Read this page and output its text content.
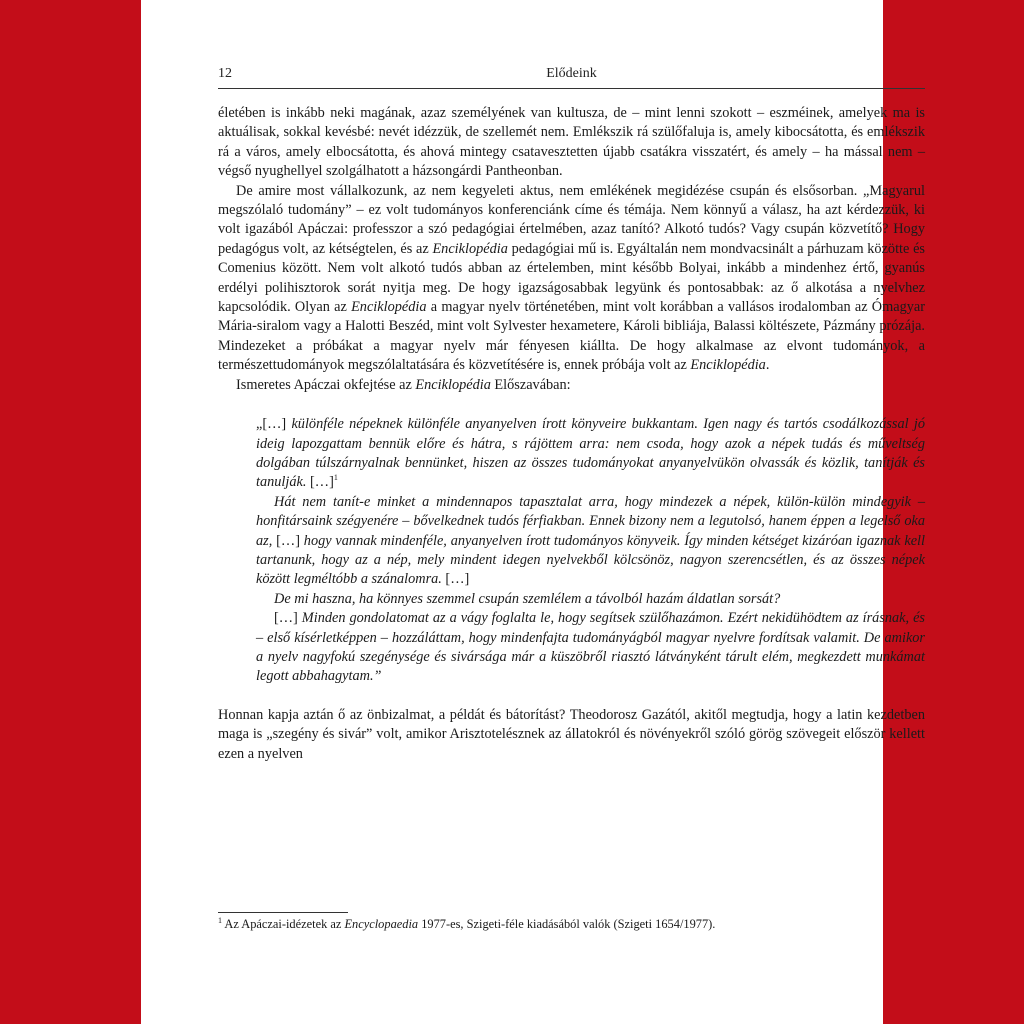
12	Elődeink

életében is inkább neki magának, azaz személyének van kultusza, de – mint lenni szokott – eszméinek, amelyek ma is aktuálisak, sokkal kevésbé: nevét idézzük, de szellemét nem. Emlékszik rá szülőfaluja is, amely kibocsátotta, és emlékszik rá a város, amely elbocsátotta, és ahová mintegy csatavesztetten újabb csatákra visszatért, és amely – ha mással nem – végső nyughellyel szolgálhatott a házsongárdi Pantheonban.

De amire most vállalkozunk, az nem kegyeleti aktus, nem emlékének megidézése csupán és elsősorban. „Magyarul megszólaló tudomány” – ez volt tudományos konferenciánk címe és témája. Nem könnyű a válasz, ha azt kérdezzük, ki volt igazából Apáczai: professzor a szó pedagógiai értelmében, azaz tanító? Alkotó tudós? Vagy csupán közvetítő? Hogy pedagógus volt, az kétségtelen, és az Enciklopédia pedagógiai mű is. Egyáltalán nem mondvacsinált a párhuzam közötte és Comenius között. Nem volt alkotó tudós abban az értelemben, mint később Bolyai, inkább a mindenhez értő, gyanús erdélyi polihisztorok sorát nyitja meg. De hogy igazságosabbak legyünk és pontosabbak: az ő alkotása a nyelvhez kapcsolódik. Olyan az Enciklopédia a magyar nyelv történetében, mint volt korábban a vallásos irodalomban az Ómagyar Mária-siralom vagy a Halotti Beszéd, mint volt Sylvester hexametere, Károli bibliája, Balassi költészete, Pázmány prózája. Mindezeket a próbákat a magyar nyelv már fényesen kiállta. De hogy alkalmase az elvont tudományok, a természettudományok megszólaltatására és közvetítésére is, ennek próbája volt az Enciklopédia.

Ismeretes Apáczai okfejtése az Enciklopédia Előszavában:

„[…] különféle népeknek különféle anyanyelven írott könyveire bukkantam. Igen nagy és tartós csodálkozással jó ideig lapozgattam bennük előre és hátra, s rájöttem arra: nem csoda, hogy azok a népek tudás és műveltség dolgában túlszárnyalnak bennünket, hiszen az összes tudományokat anyanyelvükön olvassák és közlik, tanítják és tanulják. […]$^1$

Hát nem tanít-e minket a mindennapos tapasztalat arra, hogy mindezek a népek, külön-külön mindegyik – honfitársaink szégyenére – bővelkednek tudós férfiakban. Ennek bizony nem a legutolsó, hanem éppen a legelső oka az, […] hogy vannak mindenféle, anyanyelven írott tudományos könyveik. Így minden kétséget kizáróan igaznak kell tartanunk, hogy az a nép, mely mindent idegen nyelvekből kölcsönöz, nagyon szerencsétlen, és az összes népek között legméltóbb a szánalomra. […]

De mi haszna, ha könnyes szemmel csupán szemlélem a távolból hazám áldatlan sorsát?

[…] Minden gondolatomat az a vágy foglalta le, hogy segítsek szülőhazámon. Ezért nekidühödtem az írásnak, és – első kísérletképpen – hozzáláttam, hogy mindenfajta tudományágból magyar nyelvre fordítsak valamit. De amikor a nyelv nagyfokú szegénysége és sivársága már a küszöbről riasztó látványként tárult elém, megkezdett munkámat legott abbahagytam.”

Honnan kapja aztán ő az önbizalmat, a példát és bátorítást? Theodorosz Gazától, akitől megtudja, hogy a latin kezdetben maga is „szegény és sivár” volt, amikor Arisztotelésznek az állatokról és növényekről szóló görög szövegeit először kellett ezen a nyelven

$^1$ Az Apáczai-idézetek az Encyclopaedia 1977-es, Szigeti-féle kiadásából valók (Szigeti 1654/1977).
